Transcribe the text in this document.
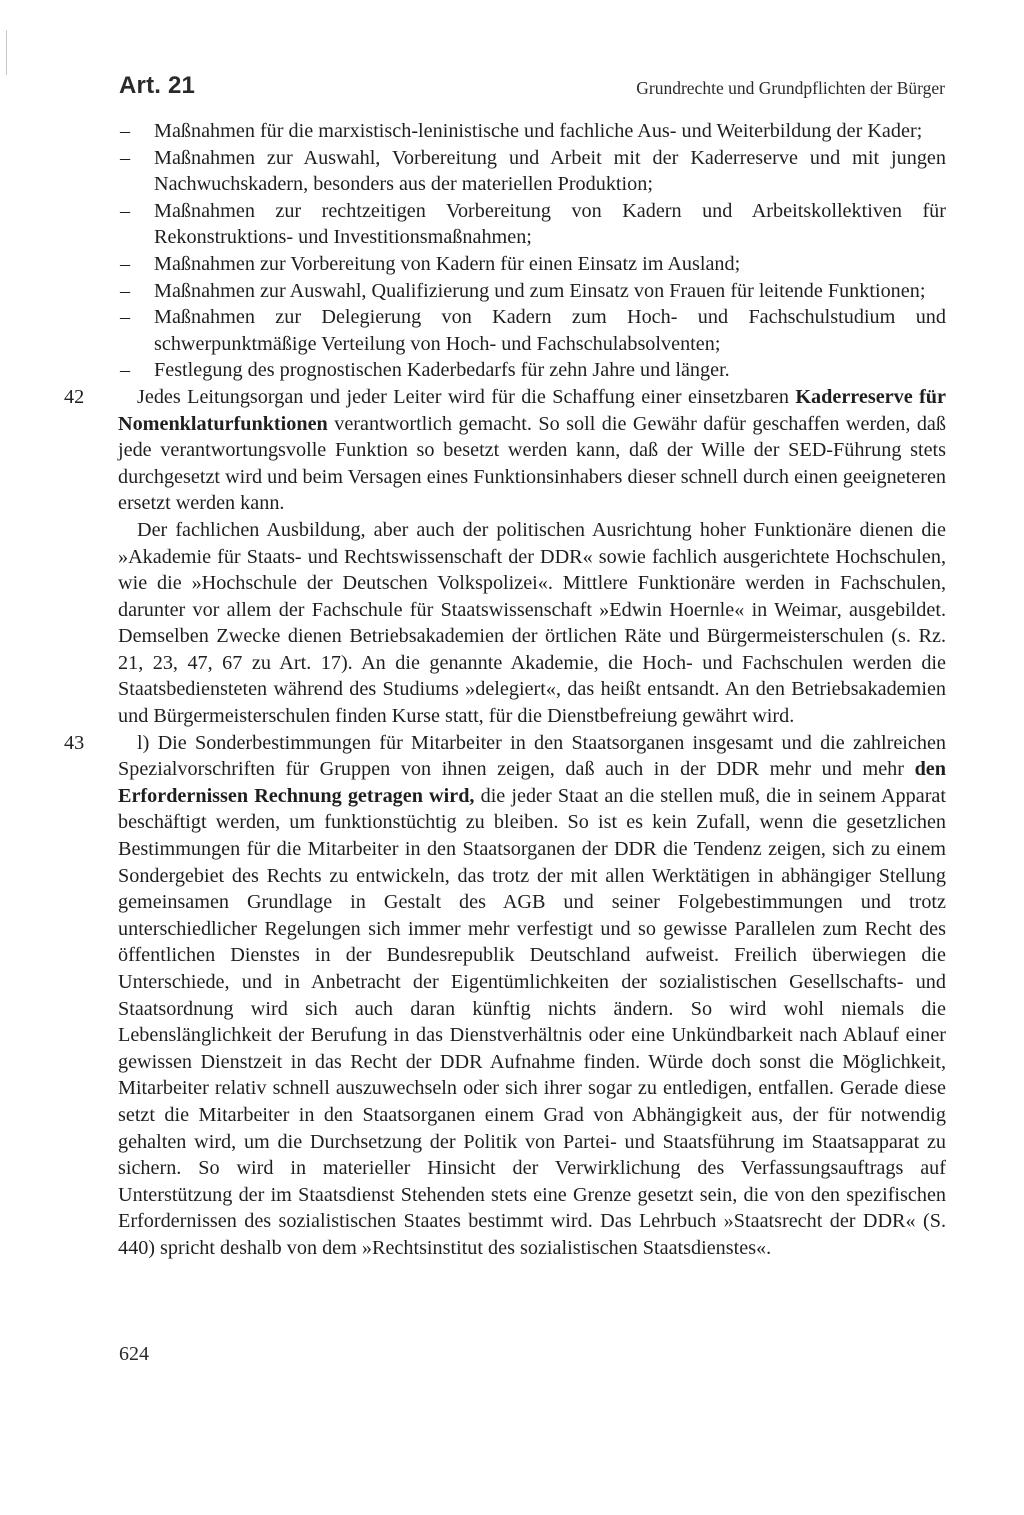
Art. 21	Grundrechte und Grundpflichten der Bürger
– Maßnahmen für die marxistisch-leninistische und fachliche Aus- und Weiterbildung der Kader;
– Maßnahmen zur Auswahl, Vorbereitung und Arbeit mit der Kaderreserve und mit jungen Nachwuchskadern, besonders aus der materiellen Produktion;
– Maßnahmen zur rechtzeitigen Vorbereitung von Kadern und Arbeitskollektiven für Rekonstruktions- und Investitionsmaßnahmen;
– Maßnahmen zur Vorbereitung von Kadern für einen Einsatz im Ausland;
– Maßnahmen zur Auswahl, Qualifizierung und zum Einsatz von Frauen für leitende Funktionen;
– Maßnahmen zur Delegierung von Kadern zum Hoch- und Fachschulstudium und schwerpunktmäßige Verteilung von Hoch- und Fachschulabsolventen;
– Festlegung des prognostischen Kaderbedarfs für zehn Jahre und länger.
42	Jedes Leitungsorgan und jeder Leiter wird für die Schaffung einer einsetzbaren Kaderreserve für Nomenklaturfunktionen verantwortlich gemacht. So soll die Gewähr dafür geschaffen werden, daß jede verantwortungsvolle Funktion so besetzt werden kann, daß der Wille der SED-Führung stets durchgesetzt wird und beim Versagen eines Funktionsinhabers dieser schnell durch einen geeigneteren ersetzt werden kann.
Der fachlichen Ausbildung, aber auch der politischen Ausrichtung hoher Funktionäre dienen die »Akademie für Staats- und Rechtswissenschaft der DDR« sowie fachlich ausgerichtete Hochschulen, wie die »Hochschule der Deutschen Volkspolizei«. Mittlere Funktionäre werden in Fachschulen, darunter vor allem der Fachschule für Staatswissenschaft »Edwin Hoernle« in Weimar, ausgebildet. Demselben Zwecke dienen Betriebsakademien der örtlichen Räte und Bürgermeisterschulen (s. Rz. 21, 23, 47, 67 zu Art. 17). An die genannte Akademie, die Hoch- und Fachschulen werden die Staatsbediensteten während des Studiums »delegiert«, das heißt entsandt. An den Betriebsakademien und Bürgermeisterschulen finden Kurse statt, für die Dienstbefreiung gewährt wird.
43	l) Die Sonderbestimmungen für Mitarbeiter in den Staatsorganen insgesamt und die zahlreichen Spezialvorschriften für Gruppen von ihnen zeigen, daß auch in der DDR mehr und mehr den Erfordernissen Rechnung getragen wird, die jeder Staat an die stellen muß, die in seinem Apparat beschäftigt werden, um funktionstüchtig zu bleiben. So ist es kein Zufall, wenn die gesetzlichen Bestimmungen für die Mitarbeiter in den Staatsorganen der DDR die Tendenz zeigen, sich zu einem Sondergebiet des Rechts zu entwickeln, das trotz der mit allen Werktätigen in abhängiger Stellung gemeinsamen Grundlage in Gestalt des AGB und seiner Folgebestimmungen und trotz unterschiedlicher Regelungen sich immer mehr verfestigt und so gewisse Parallelen zum Recht des öffentlichen Dienstes in der Bundesrepublik Deutschland aufweist. Freilich überwiegen die Unterschiede, und in Anbetracht der Eigentümlichkeiten der sozialistischen Gesellschafts- und Staatsordnung wird sich auch daran künftig nichts ändern. So wird wohl niemals die Lebenslänglichkeit der Berufung in das Dienstverhältnis oder eine Unkündbarkeit nach Ablauf einer gewissen Dienstzeit in das Recht der DDR Aufnahme finden. Würde doch sonst die Möglichkeit, Mitarbeiter relativ schnell auszuwechseln oder sich ihrer sogar zu entledigen, entfallen. Gerade diese setzt die Mitarbeiter in den Staatsorganen einem Grad von Abhängigkeit aus, der für notwendig gehalten wird, um die Durchsetzung der Politik von Partei- und Staatsführung im Staatsapparat zu sichern. So wird in materieller Hinsicht der Verwirklichung des Verfassungsauftrags auf Unterstützung der im Staatsdienst Stehenden stets eine Grenze gesetzt sein, die von den spezifischen Erfordernissen des sozialistischen Staates bestimmt wird. Das Lehrbuch »Staatsrecht der DDR« (S. 440) spricht deshalb von dem »Rechtsinstitut des sozialistischen Staatsdienstes«.
624
